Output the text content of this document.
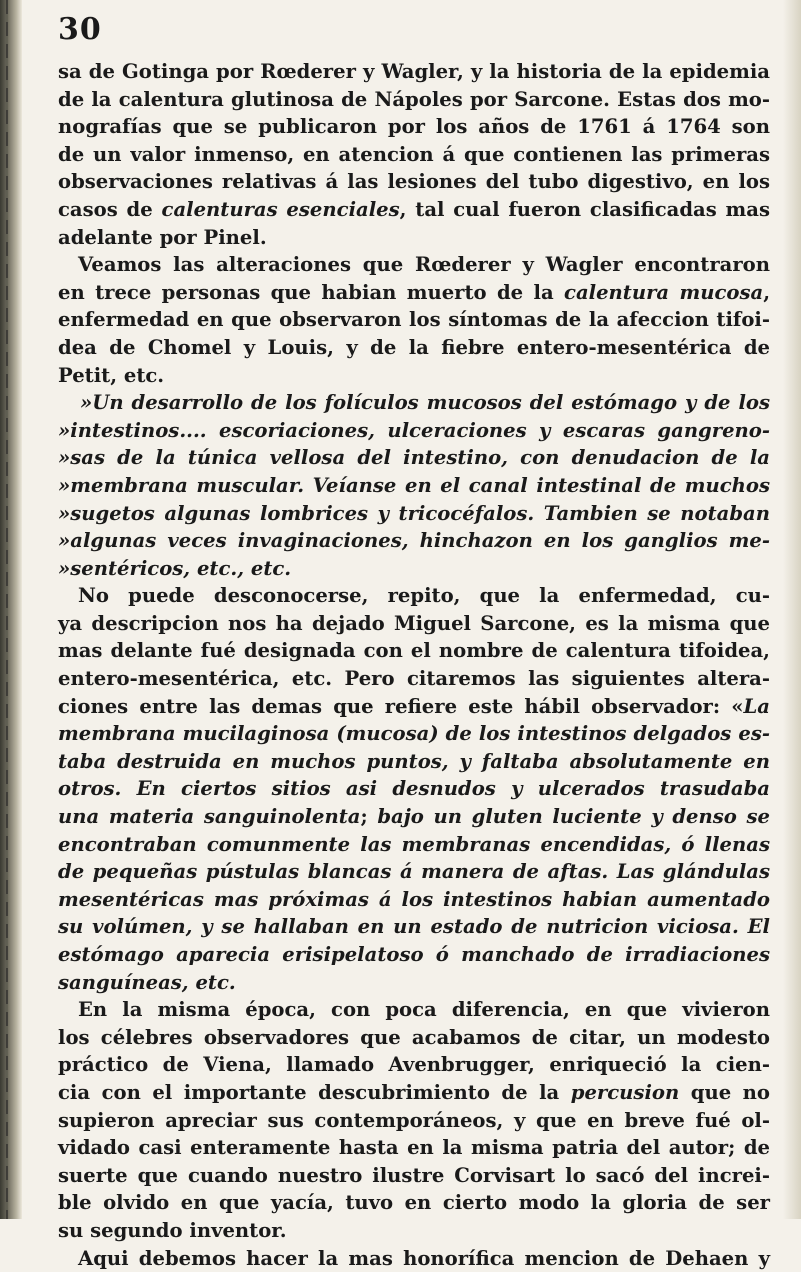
30
sa de Gotinga por Rœderer y Wagler, y la historia de la epidemia
de la calentura glutinosa de Nápoles por Sarcone. Estas dos mo-
nografías que se publicaron por los años de 1761 á 1764 son
de un valor inmenso, en atencion á que contienen las primeras
observaciones relativas á las lesiones del tubo digestivo, en los
casos de calenturas esenciales, tal cual fueron clasificadas mas
adelante por Pinel.
Veamos las alteraciones que Rœderer y Wagler encontraron
en trece personas que habian muerto de la calentura mucosa,
enfermedad en que observaron los síntomas de la afeccion tifoi-
dea de Chomel y Louis, y de la fiebre entero-mesentérica de
Petit, etc.
»Un desarrollo de los folículos mucosos del estómago y de los
»intestinos.... escoriaciones, ulceraciones y escaras gangreno-
»sas de la túnica vellosa del intestino, con denudacion de la
»membrana muscular. Veíanse en el canal intestinal de muchos
»sugetos algunas lombrices y tricocéfalos. Tambien se notaban
»algunas veces invaginaciones, hinchazon en los ganglios me-
»sentéricos, etc., etc.
No puede desconocerse, repito, que la enfermedad, cu-
ya descripcion nos ha dejado Miguel Sarcone, es la misma que
mas delante fué designada con el nombre de calentura tifoidea,
entero-mesentérica, etc. Pero citaremos las siguientes altera-
ciones entre las demas que refiere este hábil observador: «La
membrana mucilaginosa (mucosa) de los intestinos delgados es-
taba destruida en muchos puntos, y faltaba absolutamente en
otros. En ciertos sitios asi desnudos y ulcerados trasudaba
una materia sanguinolenta; bajo un gluten luciente y denso se
encontraban comunmente las membranas encendidas, ó llenas
de pequeñas pústulas blancas á manera de aftas. Las glándulas
mesentéricas mas próximas á los intestinos habian aumentado
su volúmen, y se hallaban en un estado de nutricion viciosa. El
estómago aparecia erisipelatoso ó manchado de irradiaciones
sanguíneas, etc.
En la misma época, con poca diferencia, en que vivieron
los célebres observadores que acabamos de citar, un modesto
práctico de Viena, llamado Avenbrugger, enriqueció la cien-
cia con el importante descubrimiento de la percusion que no
supieron apreciar sus contemporáneos, y que en breve fué ol-
vidado casi enteramente hasta en la misma patria del autor; de
suerte que cuando nuestro ilustre Corvisart lo sacó del increi-
ble olvido en que yacía, tuvo en cierto modo la gloria de ser
su segundo inventor.
Aqui debemos hacer la mas honorífica mencion de Dehaen y
